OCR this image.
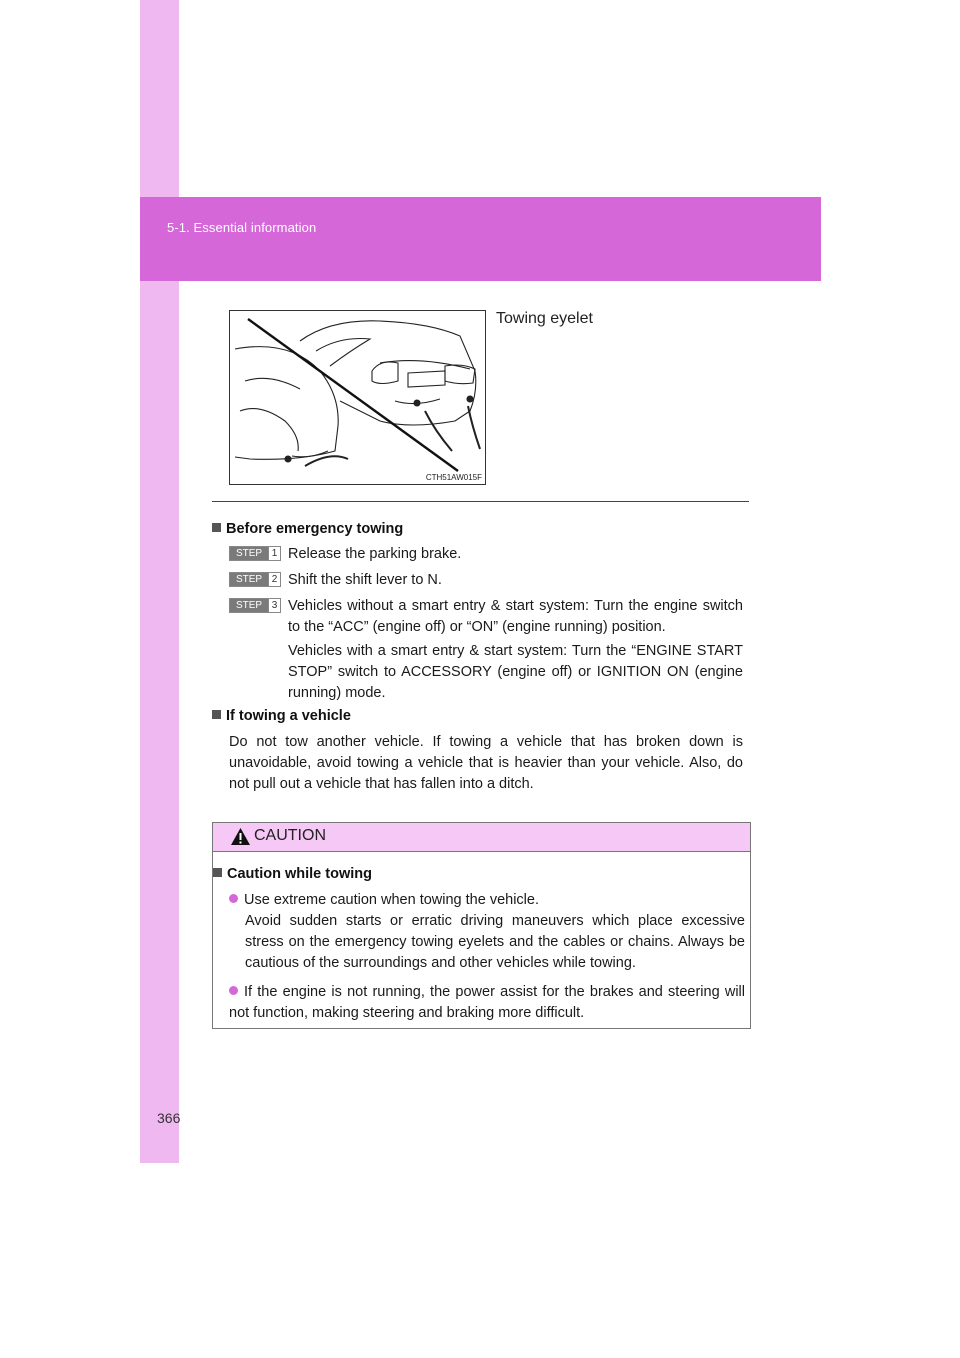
5-1. Essential information
CTH51AW015F
Towing eyelet
Before emergency towing
STEP 1 Release the parking brake.
STEP 2 Shift the shift lever to N.
STEP 3 Vehicles without a smart entry & start system: Turn the engine switch to the “ACC” (engine off) or “ON” (engine running) position.
Vehicles with a smart entry & start system: Turn the “ENGINE START STOP” switch to ACCESSORY (engine off) or IGNITION ON (engine running) mode.
If towing a vehicle
Do not tow another vehicle. If towing a vehicle that has broken down is unavoidable, avoid towing a vehicle that is heavier than your vehicle. Also, do not pull out a vehicle that has fallen into a ditch.
CAUTION
Caution while towing
Use extreme caution when towing the vehicle.
Avoid sudden starts or erratic driving maneuvers which place excessive stress on the emergency towing eyelets and the cables or chains. Always be cautious of the surroundings and other vehicles while towing.
If the engine is not running, the power assist for the brakes and steering will not function, making steering and braking more difficult.
366
